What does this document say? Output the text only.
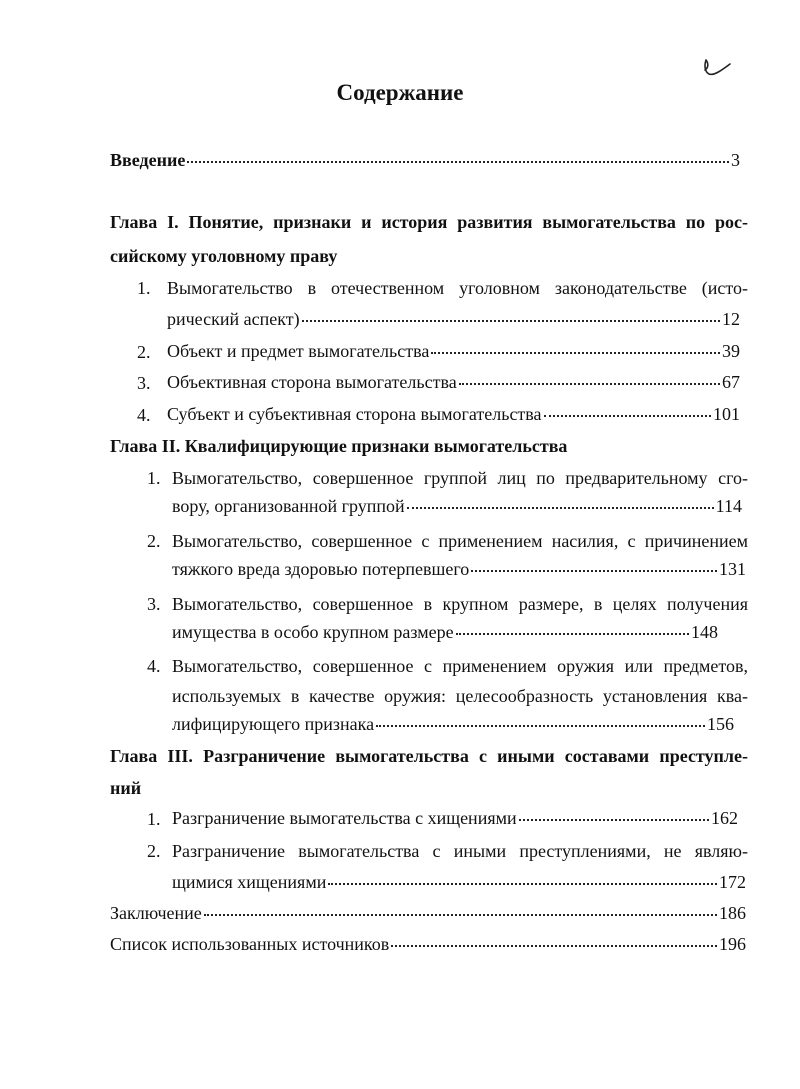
Содержание
Введение	3
Глава I. Понятие, признаки и история развития вымогательства по рос-
сийскому уголовному праву
1. Вымогательство в отечественном уголовном законодательстве (исто-
рический аспект)	12
2. Объект и предмет вымогательства	39
3. Объективная сторона вымогательства	67
4. Субъект и субъективная сторона вымогательства	101
Глава II. Квалифицирующие признаки вымогательства
1. Вымогательство, совершенное группой лиц по предварительному сго-
вору, организованной группой	114
2. Вымогательство, совершенное с применением насилия, с причинением
тяжкого вреда здоровью потерпевшего	131
3. Вымогательство, совершенное в крупном размере, в целях получения
имущества в особо крупном размере	148
4. Вымогательство, совершенное с применением оружия или предметов,
используемых в качестве оружия: целесообразность установления ква-
лифицирующего признака	156
Глава III. Разграничение вымогательства с иными составами преступле-
ний
1. Разграничение вымогательства с хищениями	162
2. Разграничение вымогательства с иными преступлениями, не являю-
щимися хищениями	172
Заключение	186
Список использованных источников	196
